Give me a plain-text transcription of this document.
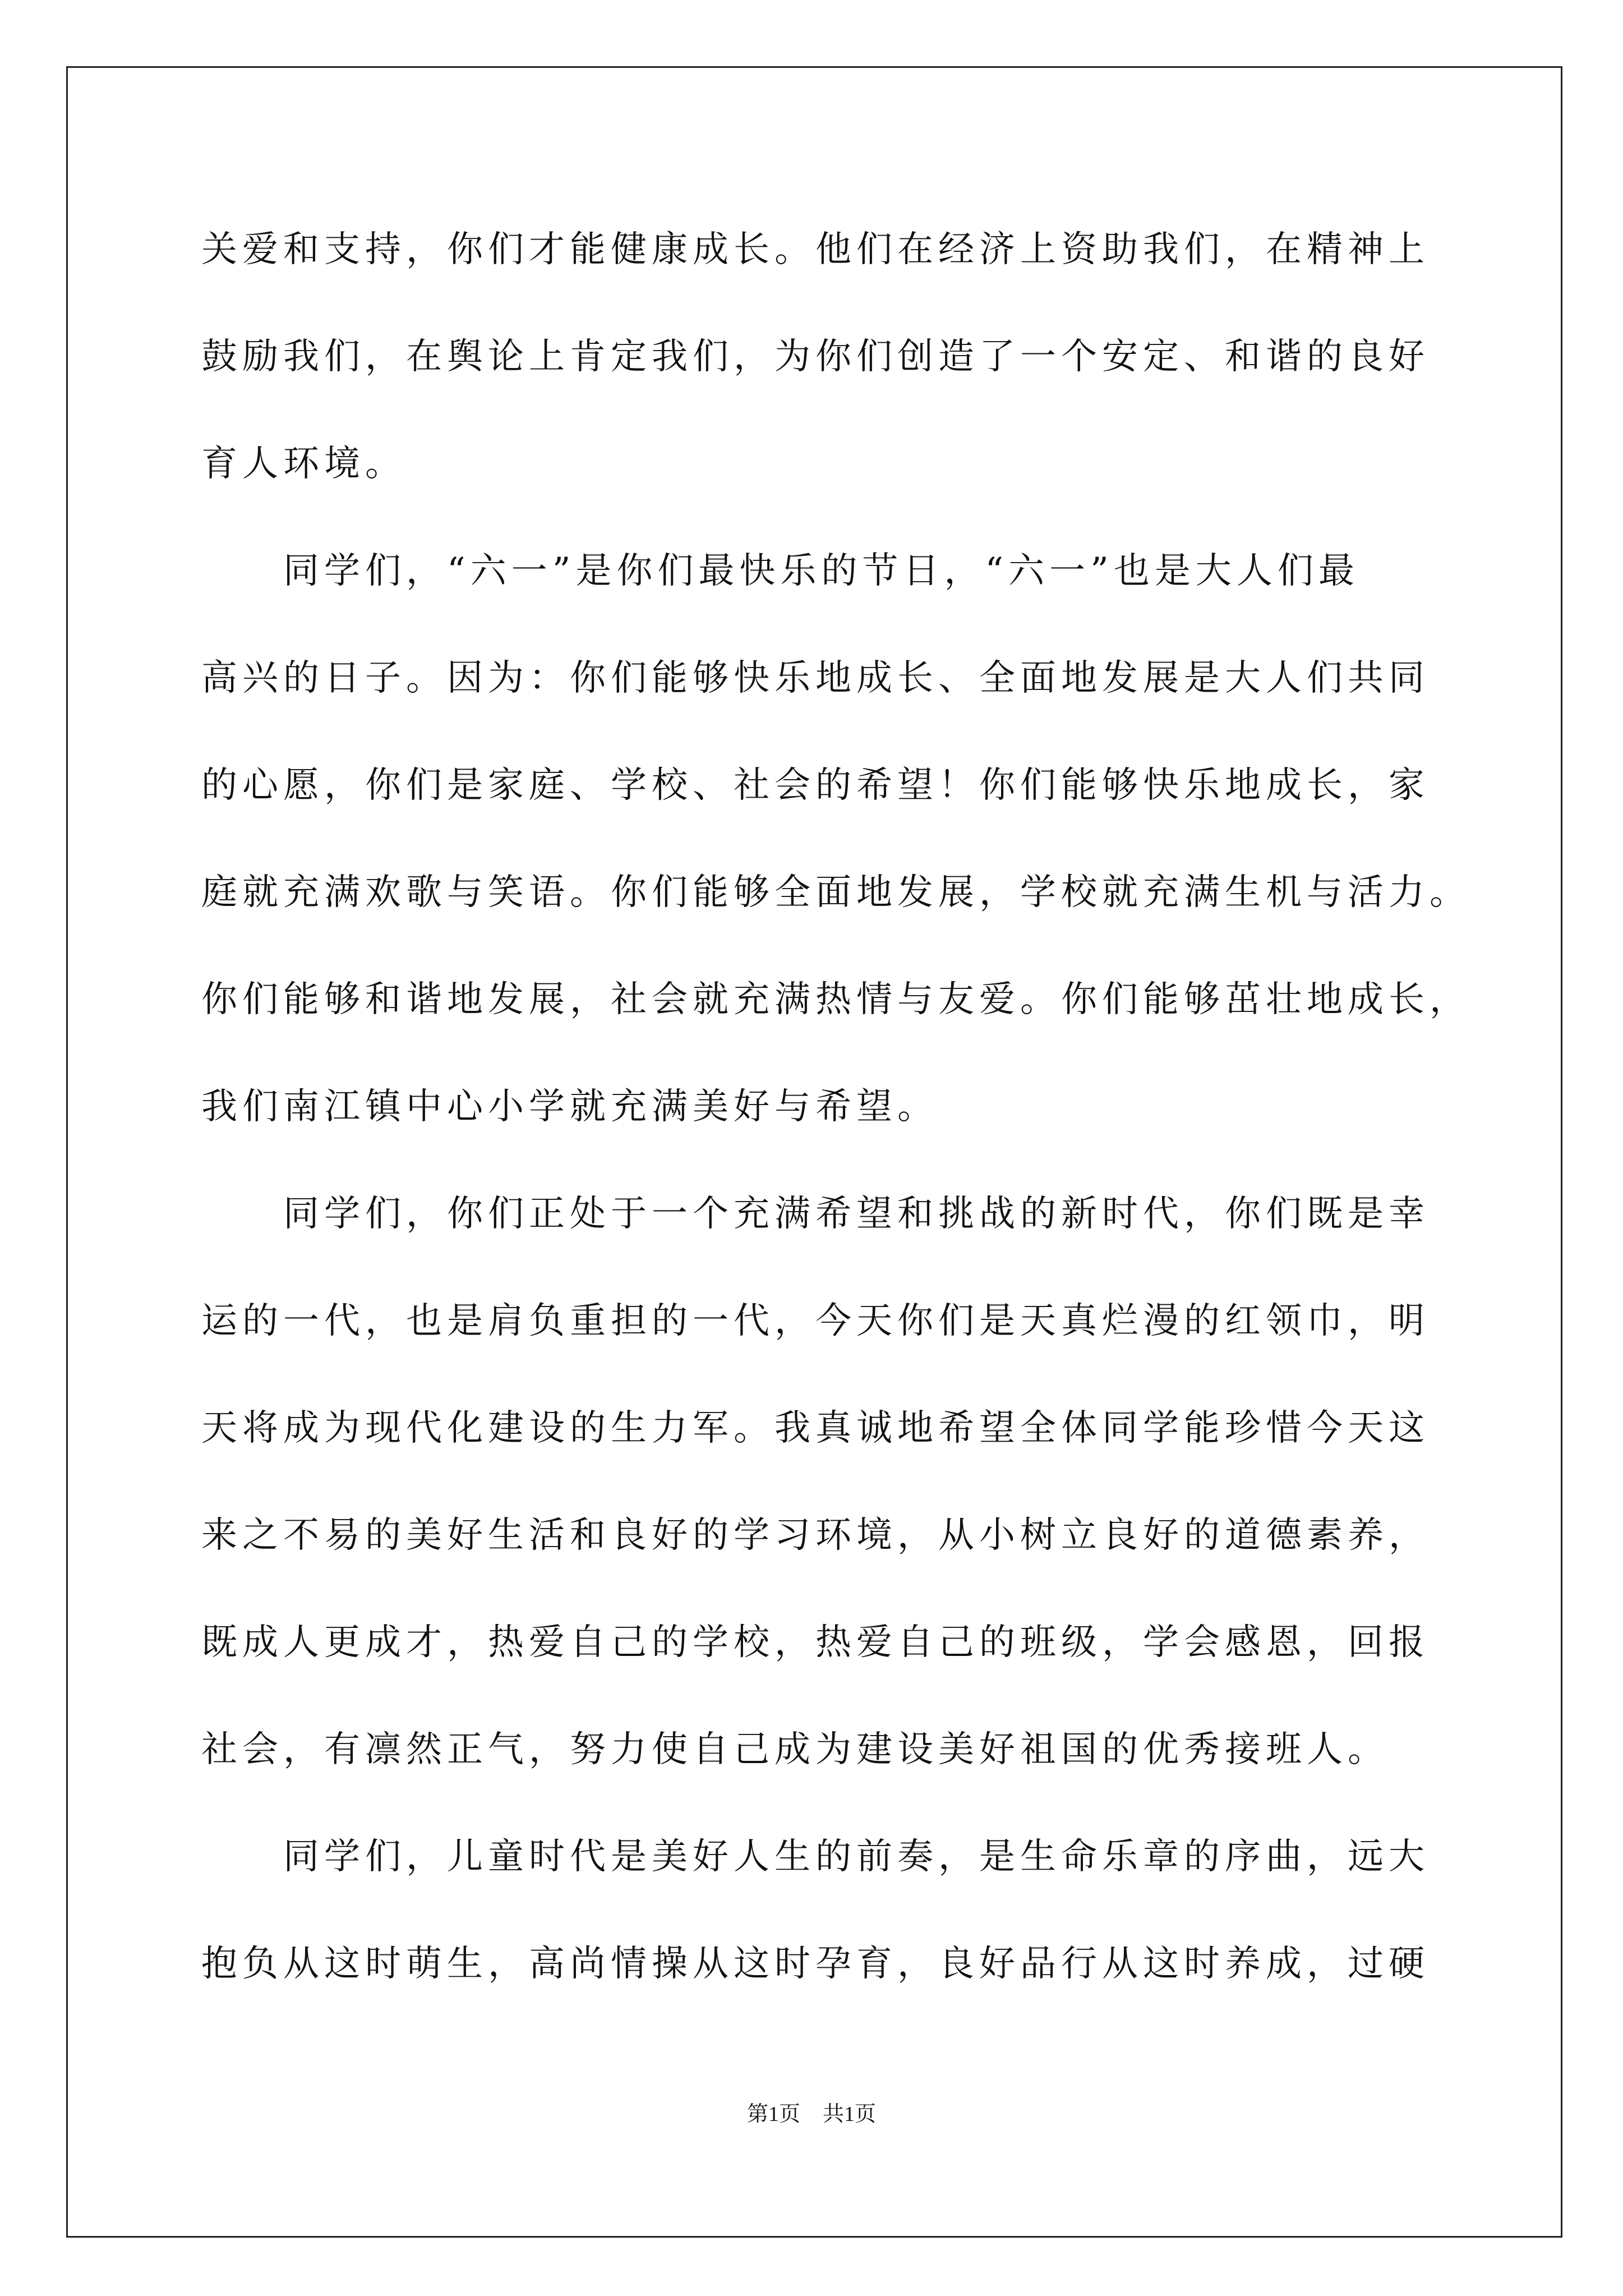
关爱和支持，你们才能健康成长。他们在经济上资助我们，在精神上
鼓励我们，在舆论上肯定我们，为你们创造了一个安定、和谐的良好
育人环境。
同学们，“六一”是你们最快乐的节日，“六一”也是大人们最
高兴的日子。因为：你们能够快乐地成长、全面地发展是大人们共同
的心愿，你们是家庭、学校、社会的希望！你们能够快乐地成长，家
庭就充满欢歌与笑语。你们能够全面地发展，学校就充满生机与活力。
你们能够和谐地发展，社会就充满热情与友爱。你们能够茁壮地成长，
我们南江镇中心小学就充满美好与希望。
同学们，你们正处于一个充满希望和挑战的新时代，你们既是幸
运的一代，也是肩负重担的一代，今天你们是天真烂漫的红领巾，明
天将成为现代化建设的生力军。我真诚地希望全体同学能珍惜今天这
来之不易的美好生活和良好的学习环境，从小树立良好的道德素养，
既成人更成才，热爱自己的学校，热爱自己的班级，学会感恩，回报
社会，有凛然正气，努力使自己成为建设美好祖国的优秀接班人。
同学们，儿童时代是美好人生的前奏，是生命乐章的序曲，远大
抱负从这时萌生，高尚情操从这时孕育，良好品行从这时养成，过硬
第1页 共1页
